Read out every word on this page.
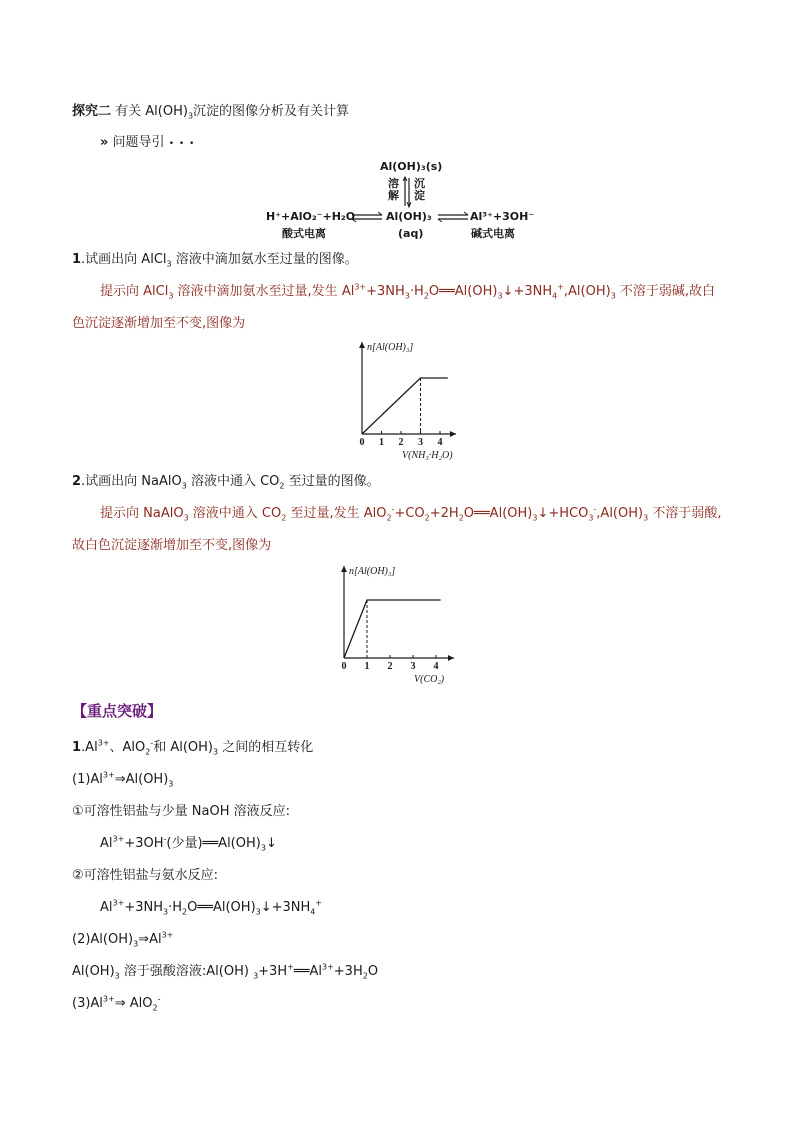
探究二 有关 $Al(OH)_3$沉淀的图像分析及有关计算
» 问题导引 • • •
Al(OH)₃(s)
溶解
沉淀
H⁺+AlO₂⁻+H₂O	Al(OH)₃	Al³⁺+3OH⁻
酸式电离	(aq)	碱式电离
1.试画出向 AlCl$_3$ 溶液中滴加氨水至过量的图像。
提示向 AlCl$_3$ 溶液中滴加氨水至过量,发生 $Al^{3+}+3NH_3\cdot H_2O══Al(OH)_3↓+3NH_4^+,Al(OH)_3$ 不溶于弱碱,故白
色沉淀逐渐增加至不变,图像为
0 1 2 3 4
n[Al(OH)₃]
V(NH₃·H₂O)
2.试画出向 NaAlO$_3$ 溶液中通入 $CO_2$ 至过量的图像。
提示向 NaAlO$_3$ 溶液中通入 $CO_2$ 至过量,发生 $AlO_2^-+CO_2+2H_2O══Al(OH)_3↓+HCO_3^-,Al(OH)_3$ 不溶于弱酸,
故白色沉淀逐渐增加至不变,图像为
0 1 2 3 4
n[Al(OH)₃]
V(CO₂)
【重点突破】
$1.Al^{3+}$、AlO$_2$-和 $Al(OH)_3$ 之间的相互转化
$(1)Al^{3+}\Rightarrow Al(OH)_3$
①可溶性铝盐与少量 NaOH 溶液反应:
$Al^{3+}+3OH^-$(少量)$══Al(OH)_3↓$
②可溶性铝盐与氨水反应:
$Al^{3+}+3NH_3\cdot H_2O══Al(OH)_3↓+3NH_4^+$
$(2)Al(OH)_3\Rightarrow Al^{3+}$
$Al(OH)_3$ 溶于强酸溶液:Al(OH) $_3+3H^+══Al^{3+}+3H_2O$
$(3)Al^{3+}\Rightarrow$ AlO$_2$-
